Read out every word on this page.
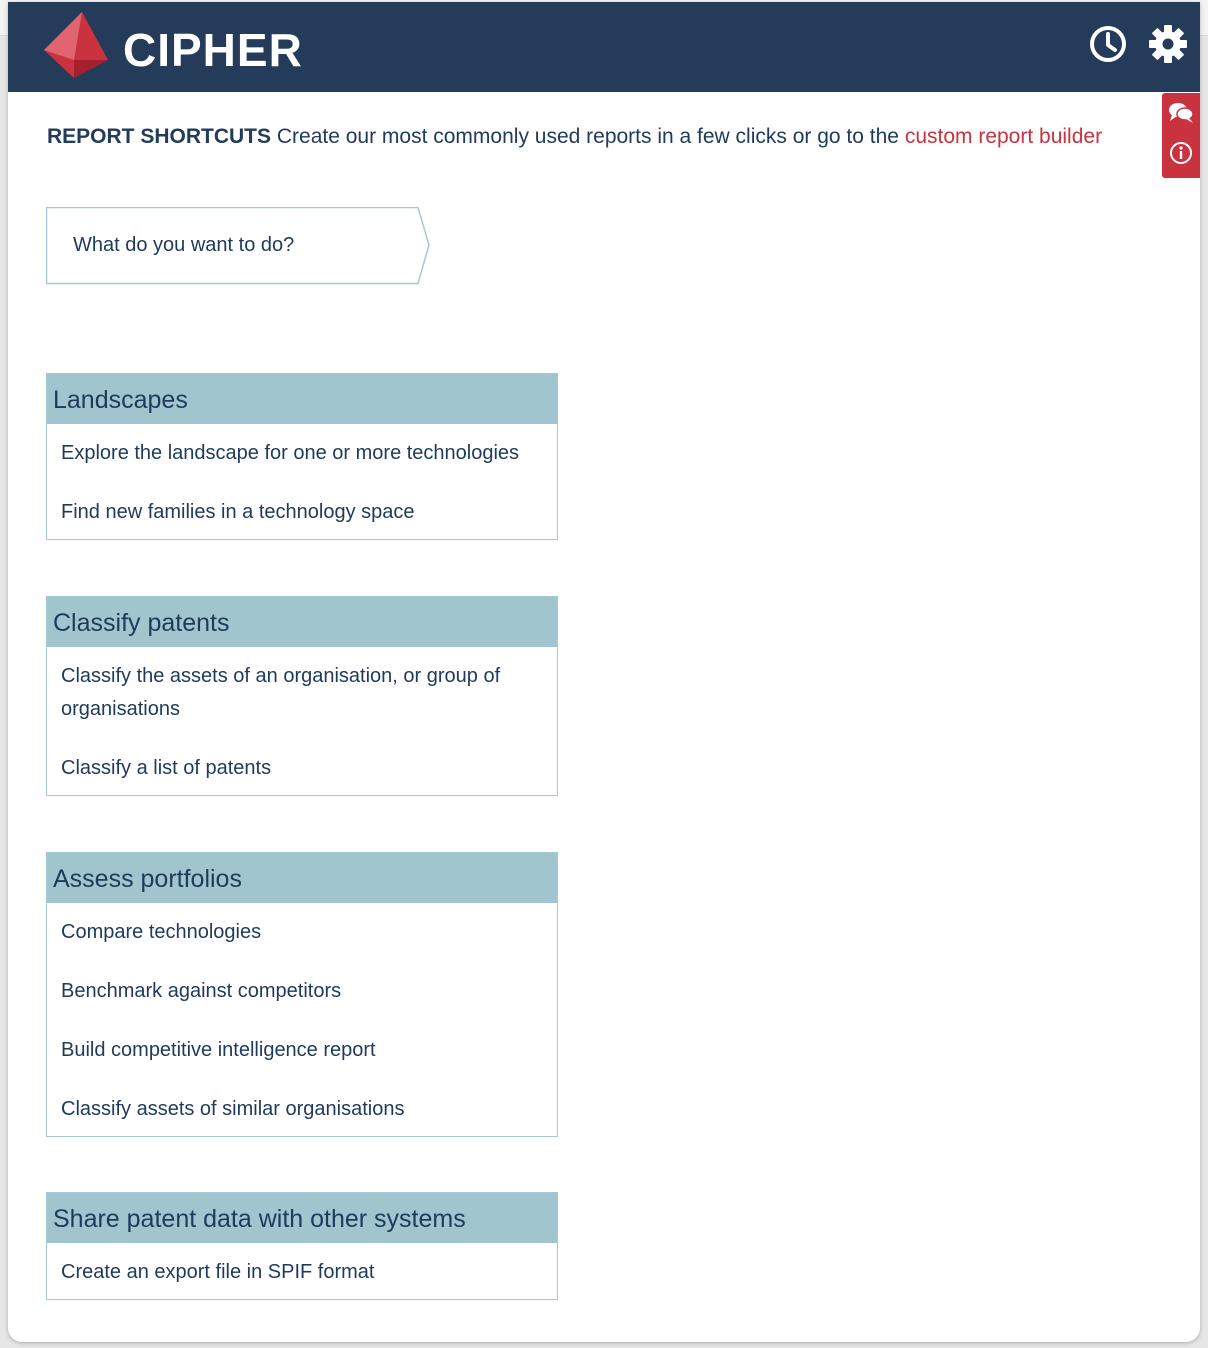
CIPHER
REPORT SHORTCUTS Create our most commonly used reports in a few clicks or go to the custom report builder
What do you want to do?
Landscapes
Explore the landscape for one or more technologies
Find new families in a technology space
Classify patents
Classify the assets of an organisation, or group of organisations
Classify a list of patents
Assess portfolios
Compare technologies
Benchmark against competitors
Build competitive intelligence report
Classify assets of similar organisations
Share patent data with other systems
Create an export file in SPIF format
